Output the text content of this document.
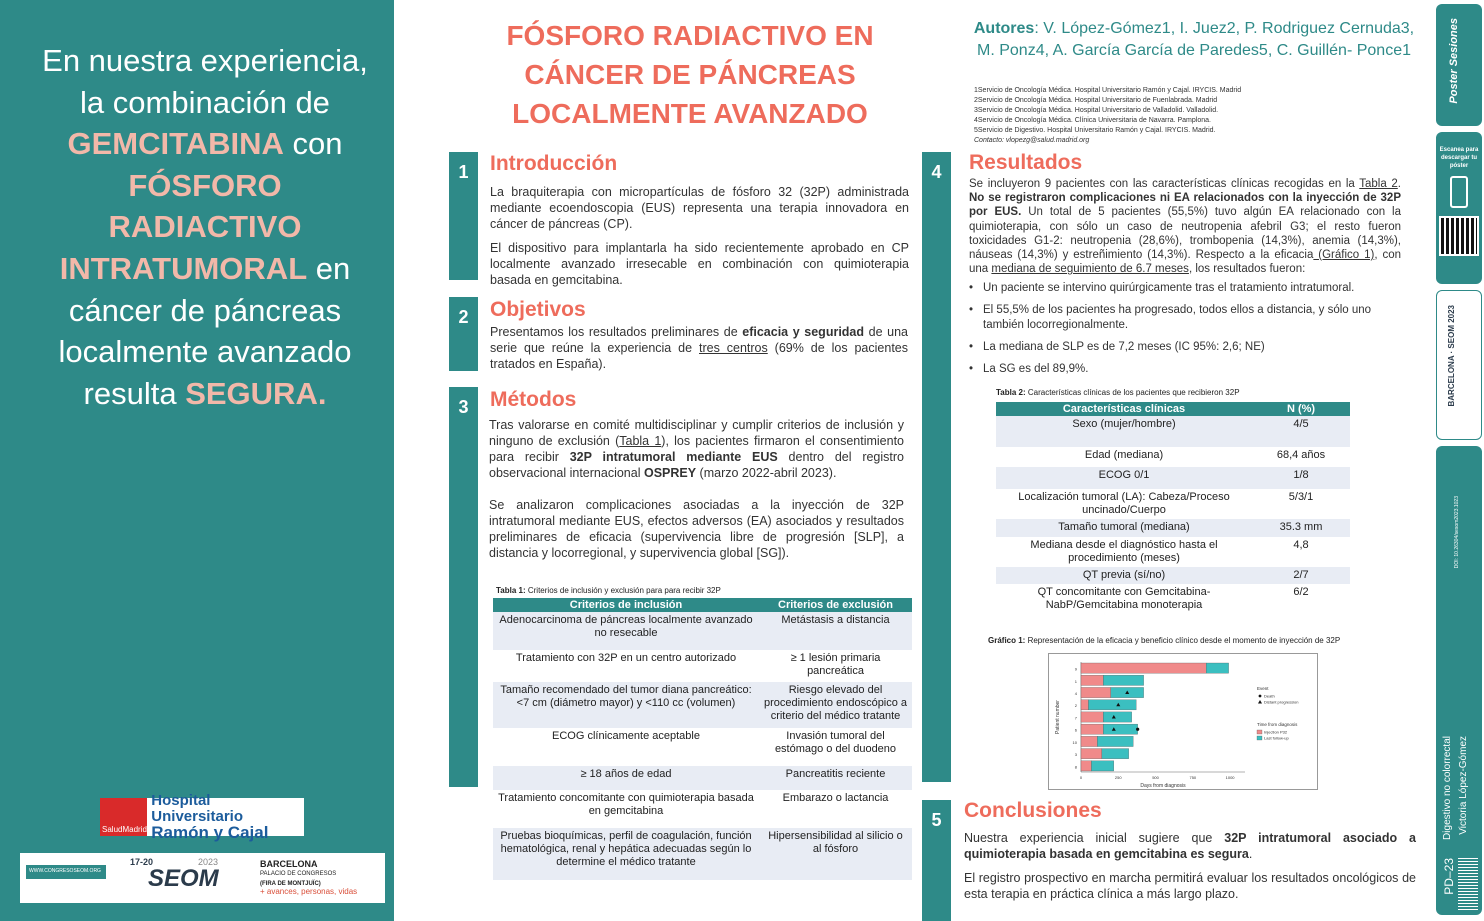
En nuestra experiencia, la combinación de GEMCITABINA con FÓSFORO RADIACTIVO INTRATUMORAL en cáncer de páncreas localmente avanzado resulta SEGURA.
SaludMadrid
Hospital Universitario
Ramón y Cajal
WWW.CONGRESOSEOM.ORG
17-20
SEOM
2023	BARCELONA
PALACIO DE CONGRESOS
(FIRA DE MONTJUÏC)
+ avances, personas, vidas
FÓSFORO RADIACTIVO EN CÁNCER DE PÁNCREAS LOCALMENTE AVANZADO
1	Introducción

La braquiterapia con micropartículas de fósforo 32 (32P) administrada mediante ecoendoscopia (EUS) representa una terapia innovadora en cáncer de páncreas (CP).

El dispositivo para implantarla ha sido recientemente aprobado en CP localmente avanzado irresecable en combinación con quimioterapia basada en gemcitabina.

2	Objetivos
Presentamos los resultados preliminares de eficacia y seguridad de una serie que reúne la experiencia de tres centros (69% de los pacientes tratados en España).
3	Métodos

Tras valorarse en comité multidisciplinar y cumplir criterios de inclusión y ninguno de exclusión (Tabla 1), los pacientes firmaron el consentimiento para recibir 32P intratumoral mediante EUS dentro del registro observacional internacional OSPREY (marzo 2022-abril 2023).

Se analizaron complicaciones asociadas a la inyección de 32P intratumoral mediante EUS, efectos adversos (EA) asociados y resultados preliminares de eficacia (supervivencia libre de progresión [SLP], a distancia y locorregional, y supervivencia global [SG]).

Tabla 1: Criterios de inclusión y exclusión para para recibir 32P
Criterios de inclusión	Criterios de exclusión
Adenocarcinoma de páncreas localmente avanzado no resecable	Metástasis a distancia
Tratamiento con 32P en un centro autorizado	≥ 1 lesión primaria pancreática
Tamaño recomendado del tumor diana pancreático: <7 cm (diámetro mayor) y <110 cc (volumen)	Riesgo elevado del procedimiento endoscópico a criterio del médico tratante
ECOG clínicamente aceptable	Invasión tumoral del estómago o del duodeno
≥ 18 años de edad	Pancreatitis reciente
Tratamiento concomitante con quimioterapia basada en gemcitabina	Embarazo o lactancia
Pruebas bioquímicas, perfil de coagulación, función hematológica, renal y hepática adecuadas según lo determine el médico tratante	Hipersensibilidad al silicio o al fósforo
Autores: V. López-Gómez1, I. Juez2, P. Rodriguez Cernuda3, M. Ponz4, A. García García de Paredes5, C. Guillén- Ponce1
1Servicio de Oncología Médica. Hospital Universitario Ramón y Cajal. IRYCIS. Madrid
2Servicio de Oncología Médica. Hospital Universitario de Fuenlabrada. Madrid
3Servicio de Oncología Médica. Hospital Universitario de Valladolid. Valladolid.
4Servicio de Oncología Médica. Clínica Universitaria de Navarra. Pamplona.
5Servicio de Digestivo. Hospital Universitario Ramón y Cajal. IRYCIS. Madrid.
Contacto: vlopezg@salud.madrid.org
4	Resultados
Se incluyeron 9 pacientes con las características clínicas recogidas en la Tabla 2. No se registraron complicaciones ni EA relacionados con la inyección de 32P por EUS. Un total de 5 pacientes (55,5%) tuvo algún EA relacionado con la quimioterapia, con sólo un caso de neutropenia afebril G3; el resto fueron toxicidades G1-2: neutropenia (28,6%), trombopenia (14,3%), anemia (14,3%), náuseas (14,3%) y estreñimiento (14,3%). Respecto a la eficacia (Gráfico 1), con una mediana de seguimiento de 6.7 meses, los resultados fueron:
• Un paciente se intervino quirúrgicamente tras el tratamiento intratumoral.
• El 55,5% de los pacientes ha progresado, todos ellos a distancia, y sólo uno también locorregionalmente.
• La mediana de SLP es de 7,2 meses (IC 95%: 2,6; NE)
• La SG es del 89,9%.
Tabla 2: Características clínicas de los pacientes que recibieron 32P
Características clínicas	N (%)
Sexo (mujer/hombre)	4/5
Edad (mediana)	68,4 años
ECOG 0/1	1/8
Localización tumoral (LA): Cabeza/Proceso uncinado/Cuerpo	5/3/1
Tamaño tumoral (mediana)	35.3 mm
Mediana desde el diagnóstico hasta el procedimiento (meses)	4,8
QT previa (sí/no)	2/7
QT concomitante con Gemcitabina-NabP/Gemcitabina monoterapia	6/2
Gráfico 1: Representación de la eficacia y beneficio clínico desde el momento de inyección de 32P
9
1
4
2
7
6
10
3
8
0	250	500	750	1000
Days from diagnosis
Patient number
Event
Death
Distant progression
Time from diagnosis
Injection P32
Last follow-up
5	Conclusiones

Nuestra experiencia inicial sugiere que 32P intratumoral asociado a quimioterapia basada en gemcitabina es segura.

El registro prospectivo en marcha permitirá evaluar los resultados oncológicos de esta terapia en práctica clínica a más largo plazo.

Poster Sesiones
Escanea para descargar tu póster
BARCELONA · SEOM 2023
DOI: 10.26304/sesom2023.1023
Digestivo no colorrectal Victoria López-Gómez
PD–23
